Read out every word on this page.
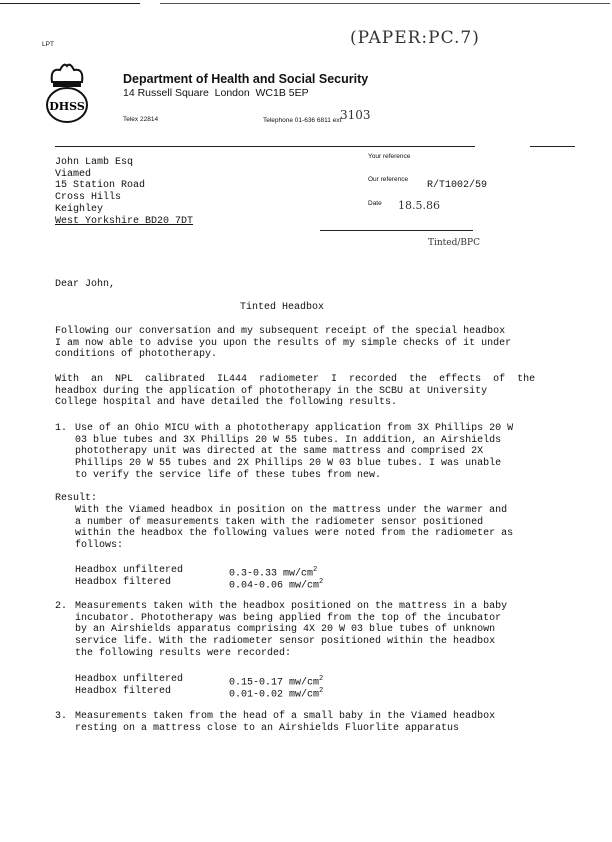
(PAPER:PC.7)
LPT
DHSS
Department of Health and Social Security
14 Russell Square  London  WC1B 5EP
Telex 22814	Telephone 01-636 6811 ext
3103
John Lamb Esq
Viamed
15 Station Road
Cross Hills
Keighley
West Yorkshire BD20 7DT
Your reference
Our reference
R/T1002/59
Date 18.5.86
Tinted/BPC
Dear John,
Tinted Headbox
Following our conversation and my subsequent receipt of the special headbox
I am now able to advise you upon the results of my simple checks of it under
conditions of phototherapy.
With  an  NPL  calibrated  IL444  radiometer  I  recorded  the  effects  of  the
headbox during the application of phototherapy in the SCBU at University
College hospital and have detailed the following results.
1. Use of an Ohio MICU with a phototherapy application from 3X Phillips 20 W
03 blue tubes and 3X Phillips 20 W 55 tubes. In addition, an Airshields
phototherapy unit was directed at the same mattress and comprised 2X
Phillips 20 W 55 tubes and 2X Phillips 20 W 03 blue tubes. I was unable
to verify the service life of these tubes from new.
Result:
With the Viamed headbox in position on the mattress under the warmer and
a number of measurements taken with the radiometer sensor positioned
within the headbox the following values were noted from the radiometer as
follows:
Headbox unfiltered	0.3-0.33 $mw/cm^2$
Headbox filtered	0.04-0.06 $mw/cm^2$
2. Measurements taken with the headbox positioned on the mattress in a baby
incubator. Phototherapy was being applied from the top of the incubator
by an Airshields apparatus comprising 4X 20 W 03 blue tubes of unknown
service life. With the radiometer sensor positioned within the headbox
the following results were recorded:
Headbox unfiltered	0.15-0.17 $mw/cm^2$
Headbox filtered	0.01-0.02 $mw/cm^2$
3. Measurements taken from the head of a small baby in the Viamed headbox
resting on a mattress close to an Airshields Fluorlite apparatus
